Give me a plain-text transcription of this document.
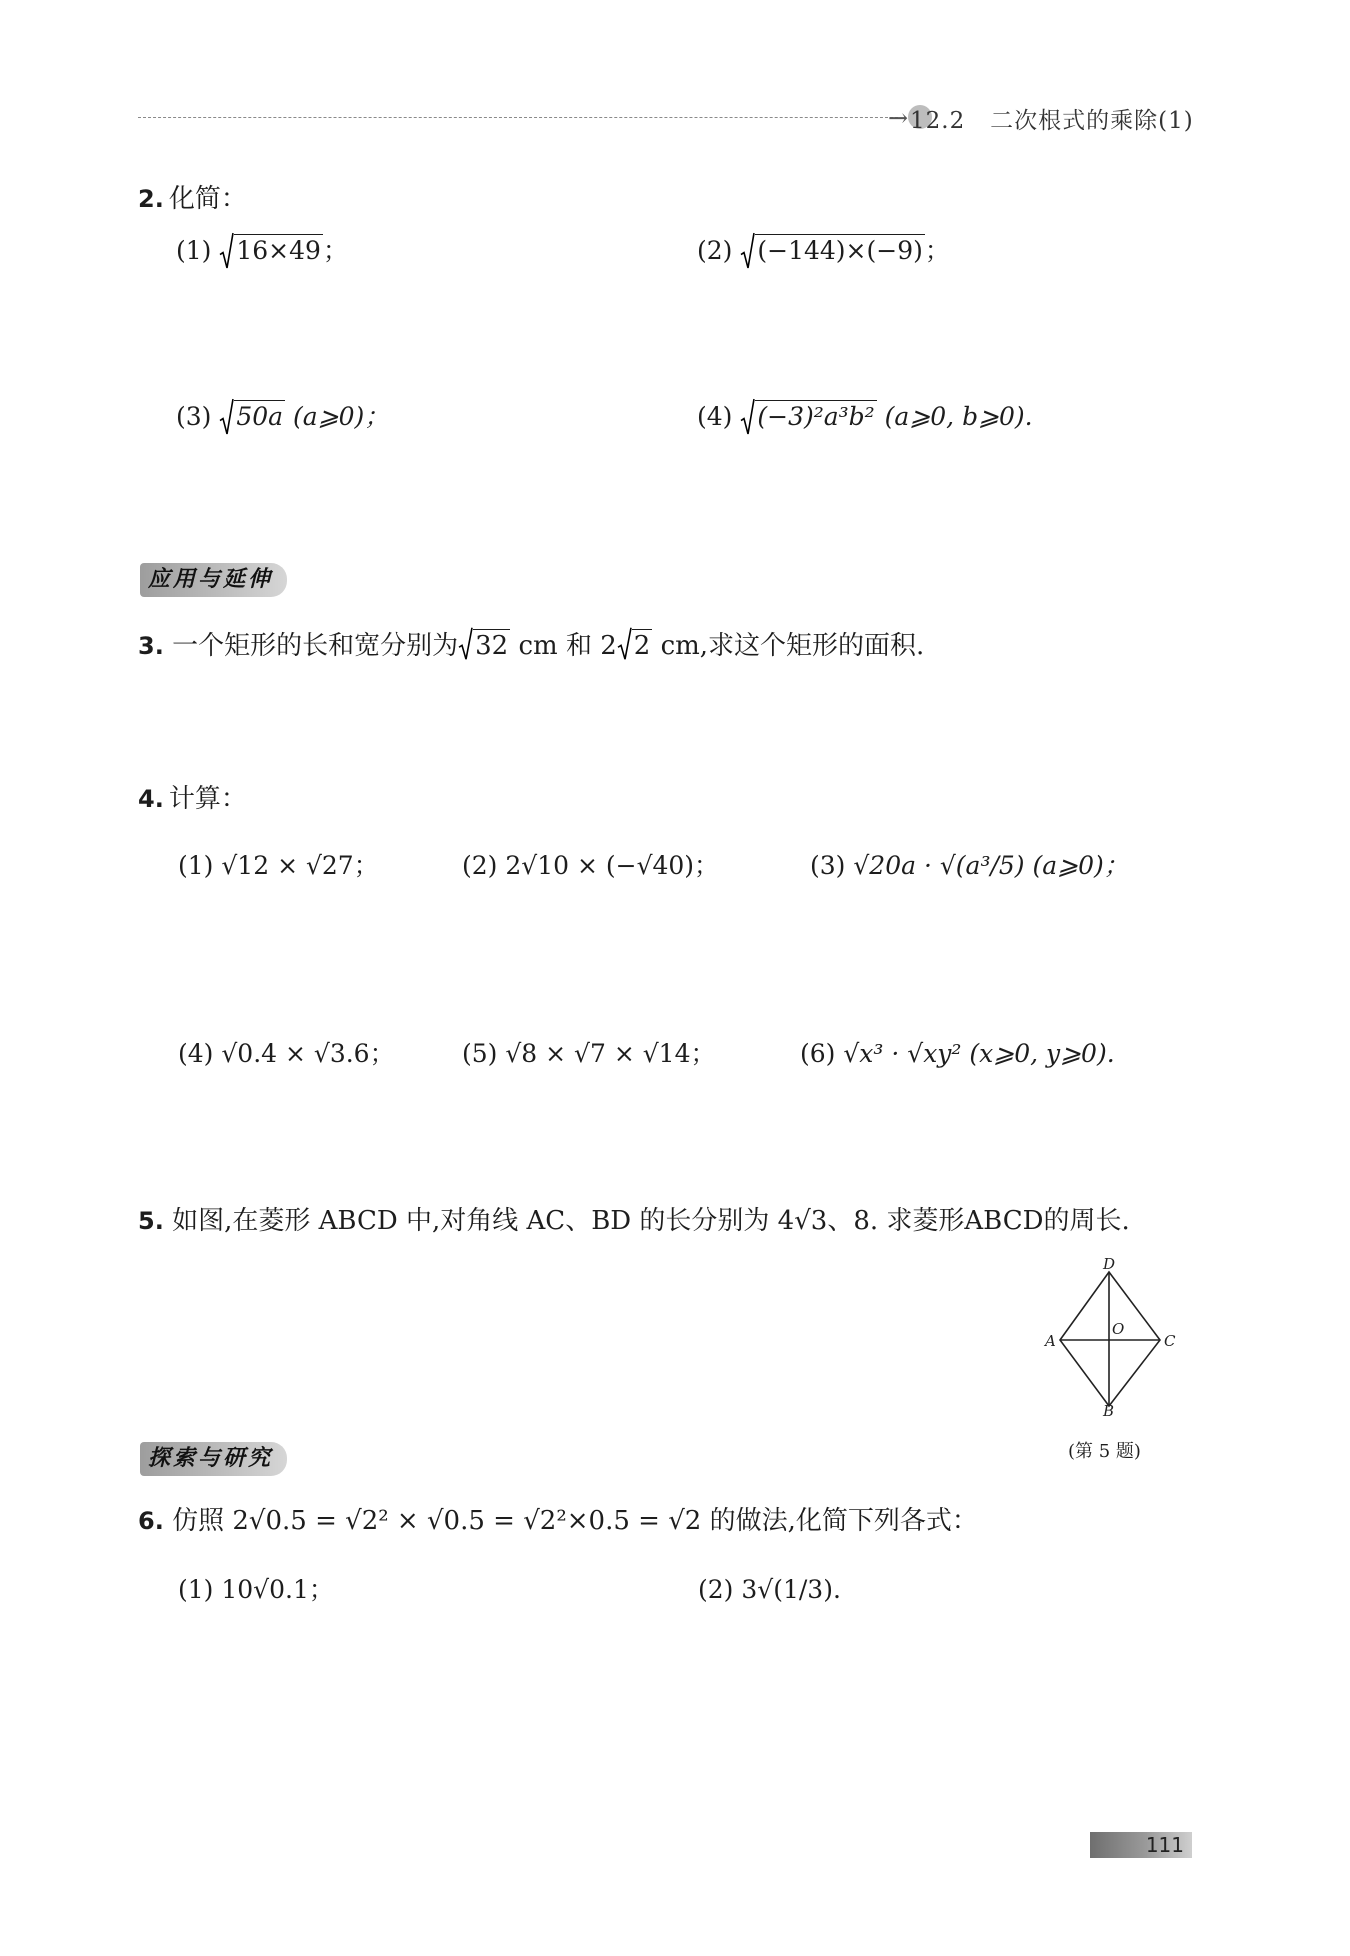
→ 12.2 二次根式的乘除(1)
2. 化简：
(1) 16×49；	(2) (−144)×(−9)；
(3) 50a (a⩾0)；	(4) (−3)²a³b² (a⩾0, b⩾0).
应用与延伸
3. 一个矩形的长和宽分别为 32 cm 和 2 2 cm,求这个矩形的面积.
4. 计算：
(1) √12 × √27；	(2) 2√10 × (−√40)；	(3) √20a · √(a³/5) (a⩾0)；
(4) √0.4 × √3.6；	(5) √8 × √7 × √14；	(6) √x³ · √xy² (x⩾0, y⩾0).
5. 如图,在菱形 ABCD 中,对角线 AC、BD 的长分别为 4√3、8. 求菱形ABCD的周长.
A
B
C
D
O
(第 5 题)
探索与研究
6. 仿照 2√0.5 = √2² × √0.5 = √2²×0.5 = √2 的做法,化简下列各式：
(1) 10√0.1；	(2) 3√(1/3).
111
